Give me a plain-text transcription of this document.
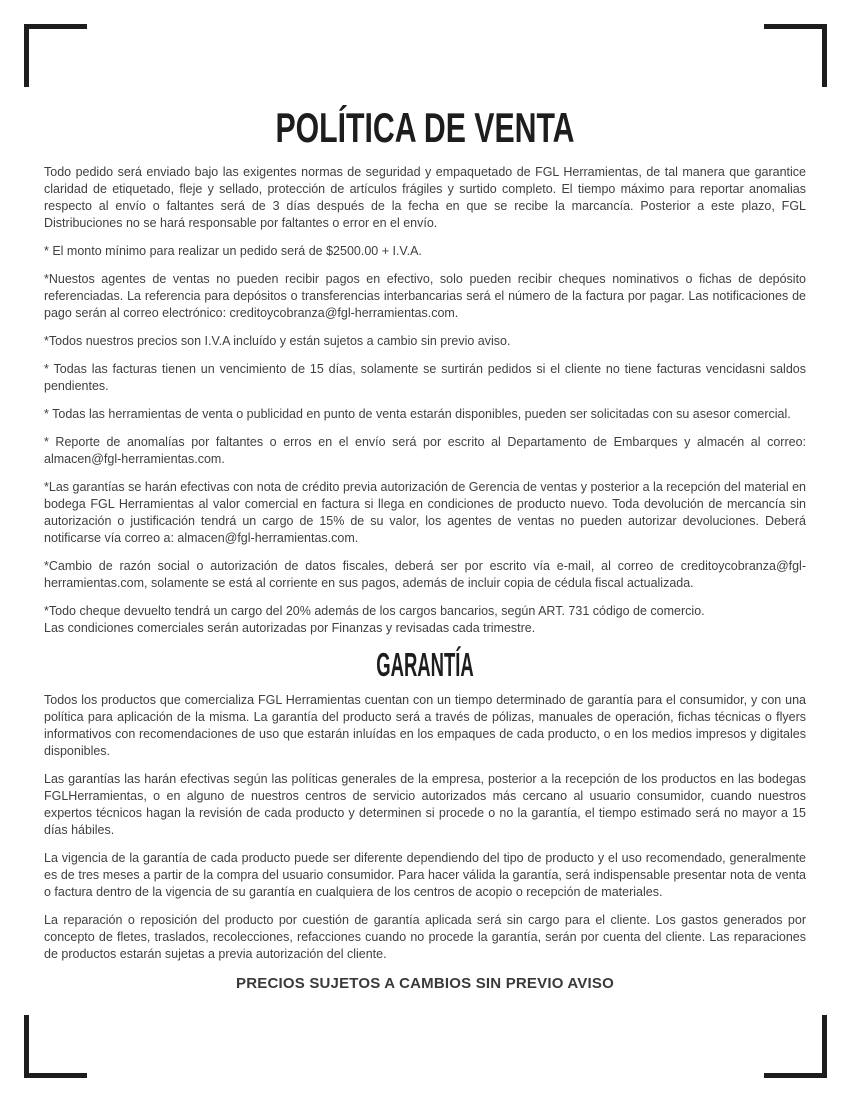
POLÍTICA DE VENTA

Todo pedido será enviado bajo las exigentes normas de seguridad y empaquetado de FGL Herramientas, de tal manera que garantice claridad de etiquetado, fleje y sellado, protección de artículos frágiles y surtido completo. El tiempo máximo para reportar anomalias respecto al envío o faltantes será de 3 días después de la fecha en que se recibe la marcancía. Posterior a este plazo, FGL Distribuciones no se hará responsable por faltantes o error en el envío.

* El monto mínimo para realizar un pedido será de $2500.00 + I.V.A.

*Nuestos agentes de ventas no pueden recibir pagos en efectivo, solo pueden recibir cheques nominativos o fichas de depósito referenciadas. La referencia para depósitos o transferencias interbancarias será el número de la factura por pagar. Las notificaciones de pago serán al correo electrónico: creditoycobranza@fgl-herramientas.com.

*Todos nuestros precios son I.V.A incluído y están sujetos a cambio sin previo aviso.

* Todas las facturas tienen un vencimiento de 15 días, solamente se surtirán pedidos si el cliente no tiene facturas vencidasni saldos pendientes.

* Todas las herramientas de venta o publicidad en punto de venta estarán disponibles, pueden ser solicitadas con su asesor comercial.

* Reporte de anomalías por faltantes o erros en el envío será por escrito al Departamento de Embarques y almacén al correo: almacen@fgl-herramientas.com.

*Las garantías se harán efectivas con nota de crédito previa autorización de Gerencia de ventas y posterior a la recepción del material en bodega FGL Herramientas al valor comercial en factura si llega en condiciones de producto nuevo. Toda devolución de mercancía sin autorización o justificación tendrá un cargo de 15% de su valor, los agentes de ventas no pueden autorizar devoluciones. Deberá notificarse vía correo a: almacen@fgl-herramientas.com.

*Cambio de razón social o autorización de datos fiscales, deberá ser por escrito vía e-mail, al correo de creditoycobranza@fgl-herramientas.com, solamente se está al corriente en sus pagos, además de incluir copia de cédula fiscal actualizada.

*Todo cheque devuelto tendrá un cargo del 20% además de los cargos bancarios, según ART. 731 código de comercio.

Las condiciones comerciales serán autorizadas por Finanzas y revisadas cada trimestre.

GARANTÍA

Todos los productos que comercializa FGL Herramientas cuentan con un tiempo determinado de garantía para el consumidor, y con una política para aplicación de la misma. La garantía del producto será a través de pólizas, manuales de operación, fichas técnicas o flyers informativos con recomendaciones de uso que estarán inluídas en los empaques de cada producto, o en los medios impresos y digitales disponibles.

Las garantías las harán efectivas según las políticas generales de la empresa, posterior a la recepción de los productos en las bodegas FGLHerramientas, o en alguno de nuestros centros de servicio autorizados más cercano al usuario consumidor, cuando nuestros expertos técnicos hagan la revisión de cada producto y determinen si procede o no la garantía, el tiempo estimado será no mayor a 15 días hábiles.

La vigencia de la garantía de cada producto puede ser diferente dependiendo del tipo de producto y el uso recomendado, generalmente es de tres meses a partir de la compra del usuario consumidor. Para hacer válida la garantía, será indispensable presentar nota de venta o factura dentro de la vigencia de su garantía en cualquiera de los centros de acopio o recepción de materiales.

La reparación o reposición del producto por cuestión de garantía aplicada será sin cargo para el cliente. Los gastos generados por concepto de fletes, traslados, recolecciones, refacciones cuando no procede la garantía, serán por cuenta del cliente. Las reparaciones de productos estarán sujetas a previa autorización del cliente.

PRECIOS SUJETOS A CAMBIOS SIN PREVIO AVISO
